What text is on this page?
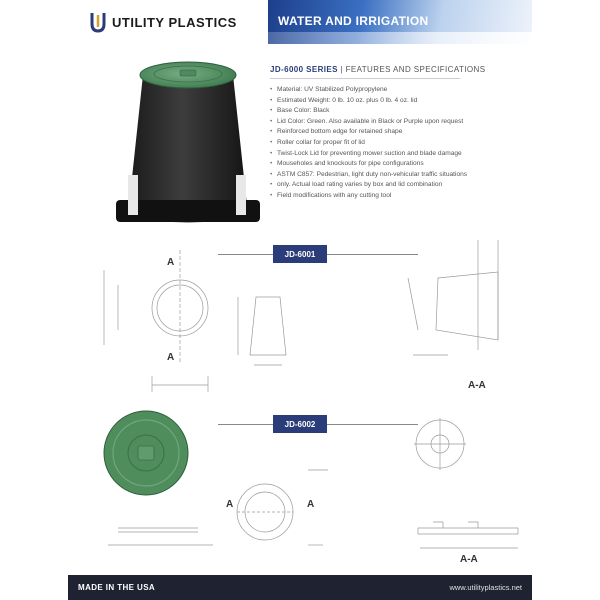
UTILITY PLASTICS	WATER AND IRRIGATION
JD-6000 SERIES | FEATURES AND SPECIFICATIONS
• Material: UV Stabilized Polypropylene
• Estimated Weight: 0 lb. 10 oz. plus 0 lb. 4 oz. lid
• Base Color: Black
• Lid Color: Green. Also available in Black or Purple upon request
• Reinforced bottom edge for retained shape
• Roller collar for proper fit of lid
• Twist-Lock Lid for preventing mower suction and blade damage
• Mouseholes and knockouts for pipe configurations
• ASTM C857: Pedestrian, light duty non-vehicular traffic situations
• only. Actual load rating varies by box and lid combination
• Field modifications with any cutting tool
A
A
A	A
A-A
A-A
JD-6001
JD-6002
MADE IN THE USA	www.utilityplastics.net
